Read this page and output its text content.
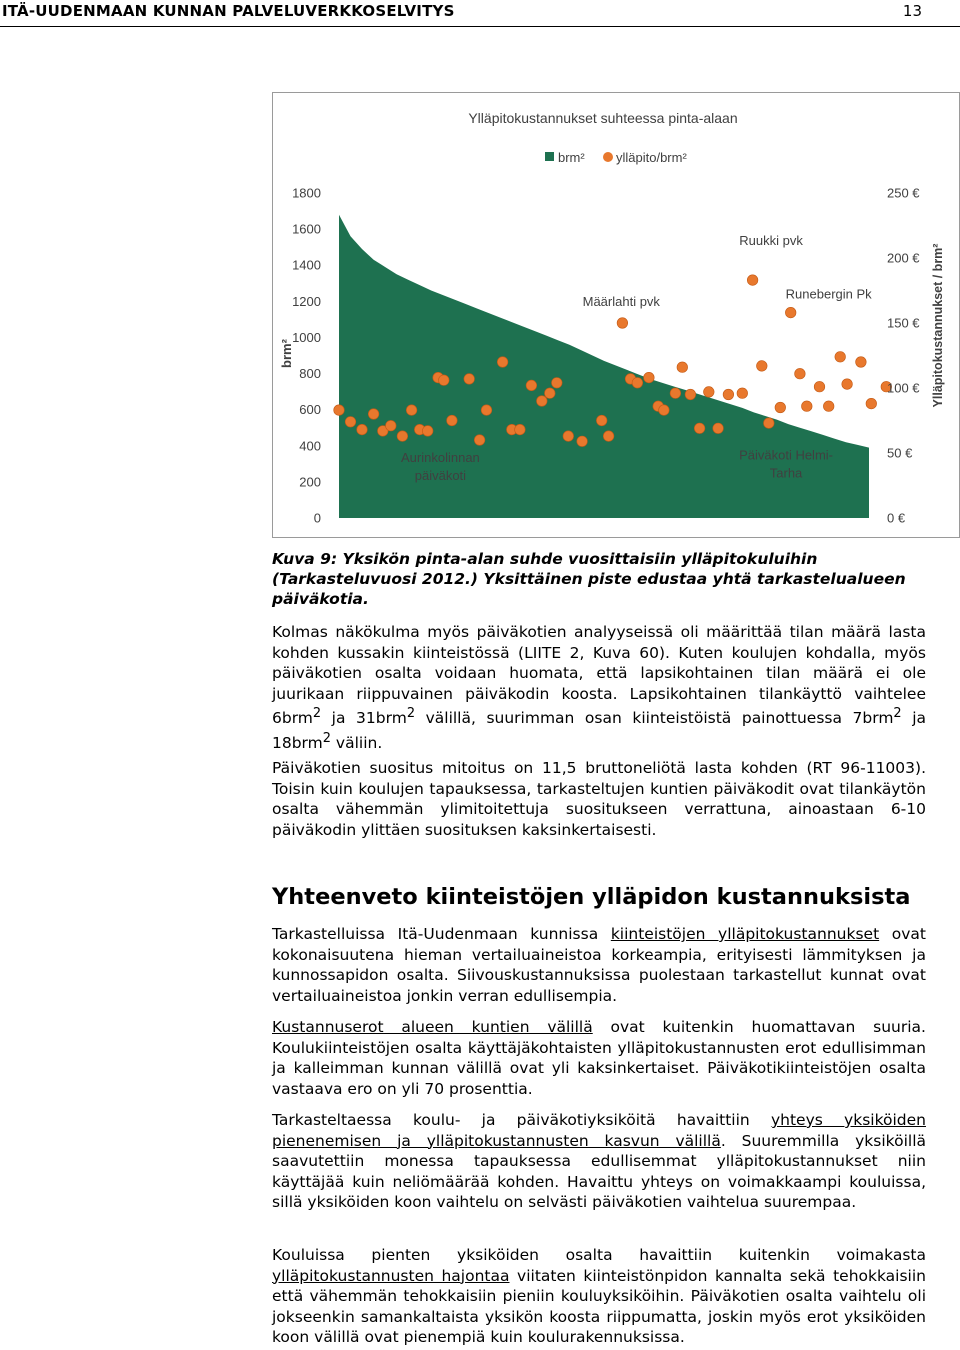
ITÄ-UUDENMAAN KUNNAN PALVELUVERKKOSELVITYS	13
Ylläpitokustannukset suhteessa pinta-alaan
brm² ylläpito/brm²
0
200
400
600
800
1000
1200
1400
1600
1800
brm²
0 €
50 €
100 €
150 €
200 €
250 €
Ylläpitokustannukset / brm²
Ruukki pvk
Määrlahti pvk
Runebergin Pk
Aurinkolinnan
päiväkoti
Päiväkoti Helmi-
Tarha
Kuva 9: Yksikön pinta-alan suhde vuosittaisiin ylläpitokuluihin (Tarkasteluvuosi 2012.) Yksittäinen piste edustaa yhtä tarkastelualueen päiväkotia.

Kolmas näkökulma myös päiväkotien analyyseissä oli määrittää tilan määrä lasta kohden kussakin kiinteistössä (LIITE 2, Kuva 60). Kuten koulujen kohdalla, myös päiväkotien osalta voidaan huomata, että lapsikohtainen tilan määrä ei ole juurikaan riippuvainen päiväkodin koosta. Lapsikohtainen tilankäyttö vaihtelee 6brm$^2$ ja 31brm$^2$ välillä, suurimman osan kiinteistöistä painottuessa 7brm$^2$ ja 18brm$^2$ väliin.

Päiväkotien suositus mitoitus on 11,5 bruttoneliötä lasta kohden (RT 96-11003). Toisin kuin koulujen tapauksessa, tarkasteltujen kuntien päiväkodit ovat tilankäytön osalta vähemmän ylimitoitettuja suositukseen verrattuna, ainoastaan 6-10 päiväkodin ylittäen suosituksen kaksinkertaisesti.

Yhteenveto kiinteistöjen ylläpidon kustannuksista

Tarkastelluissa Itä-Uudenmaan kunnissa kiinteistöjen ylläpitokustannukset ovat kokonaisuutena hieman vertailuaineistoa korkeampia, erityisesti lämmityksen ja kunnossapidon osalta. Siivouskustannuksissa puolestaan tarkastellut kunnat ovat vertailuaineistoa jonkin verran edullisempia.

Kustannuserot alueen kuntien välillä ovat kuitenkin huomattavan suuria. Koulukiinteistöjen osalta käyttäjäkohtaisten ylläpitokustannusten erot edullisimman ja kalleimman kunnan välillä ovat yli kaksinkertaiset. Päiväkotikiinteistöjen osalta vastaava ero on yli 70 prosenttia.

Tarkasteltaessa koulu- ja päiväkotiyksiköitä havaittiin yhteys yksiköiden pienenemisen ja ylläpitokustannusten kasvun välillä. Suuremmilla yksiköillä saavutettiin monessa tapauksessa edullisemmat ylläpitokustannukset niin käyttäjää kuin neliömäärää kohden. Havaittu yhteys on voimakkaampi kouluissa, sillä yksiköiden koon vaihtelu on selvästi päiväkotien vaihtelua suurempaa.

Kouluissa pienten yksiköiden osalta havaittiin kuitenkin voimakasta ylläpitokustannusten hajontaa viitaten kiinteistönpidon kannalta sekä tehokkaisiin että vähemmän tehokkaisiin pieniin kouluyksiköihin. Päiväkotien osalta vaihtelu oli jokseenkin samankaltaista yksikön koosta riippumatta, joskin myös erot yksiköiden koon välillä ovat pienempiä kuin koulurakennuksissa.
